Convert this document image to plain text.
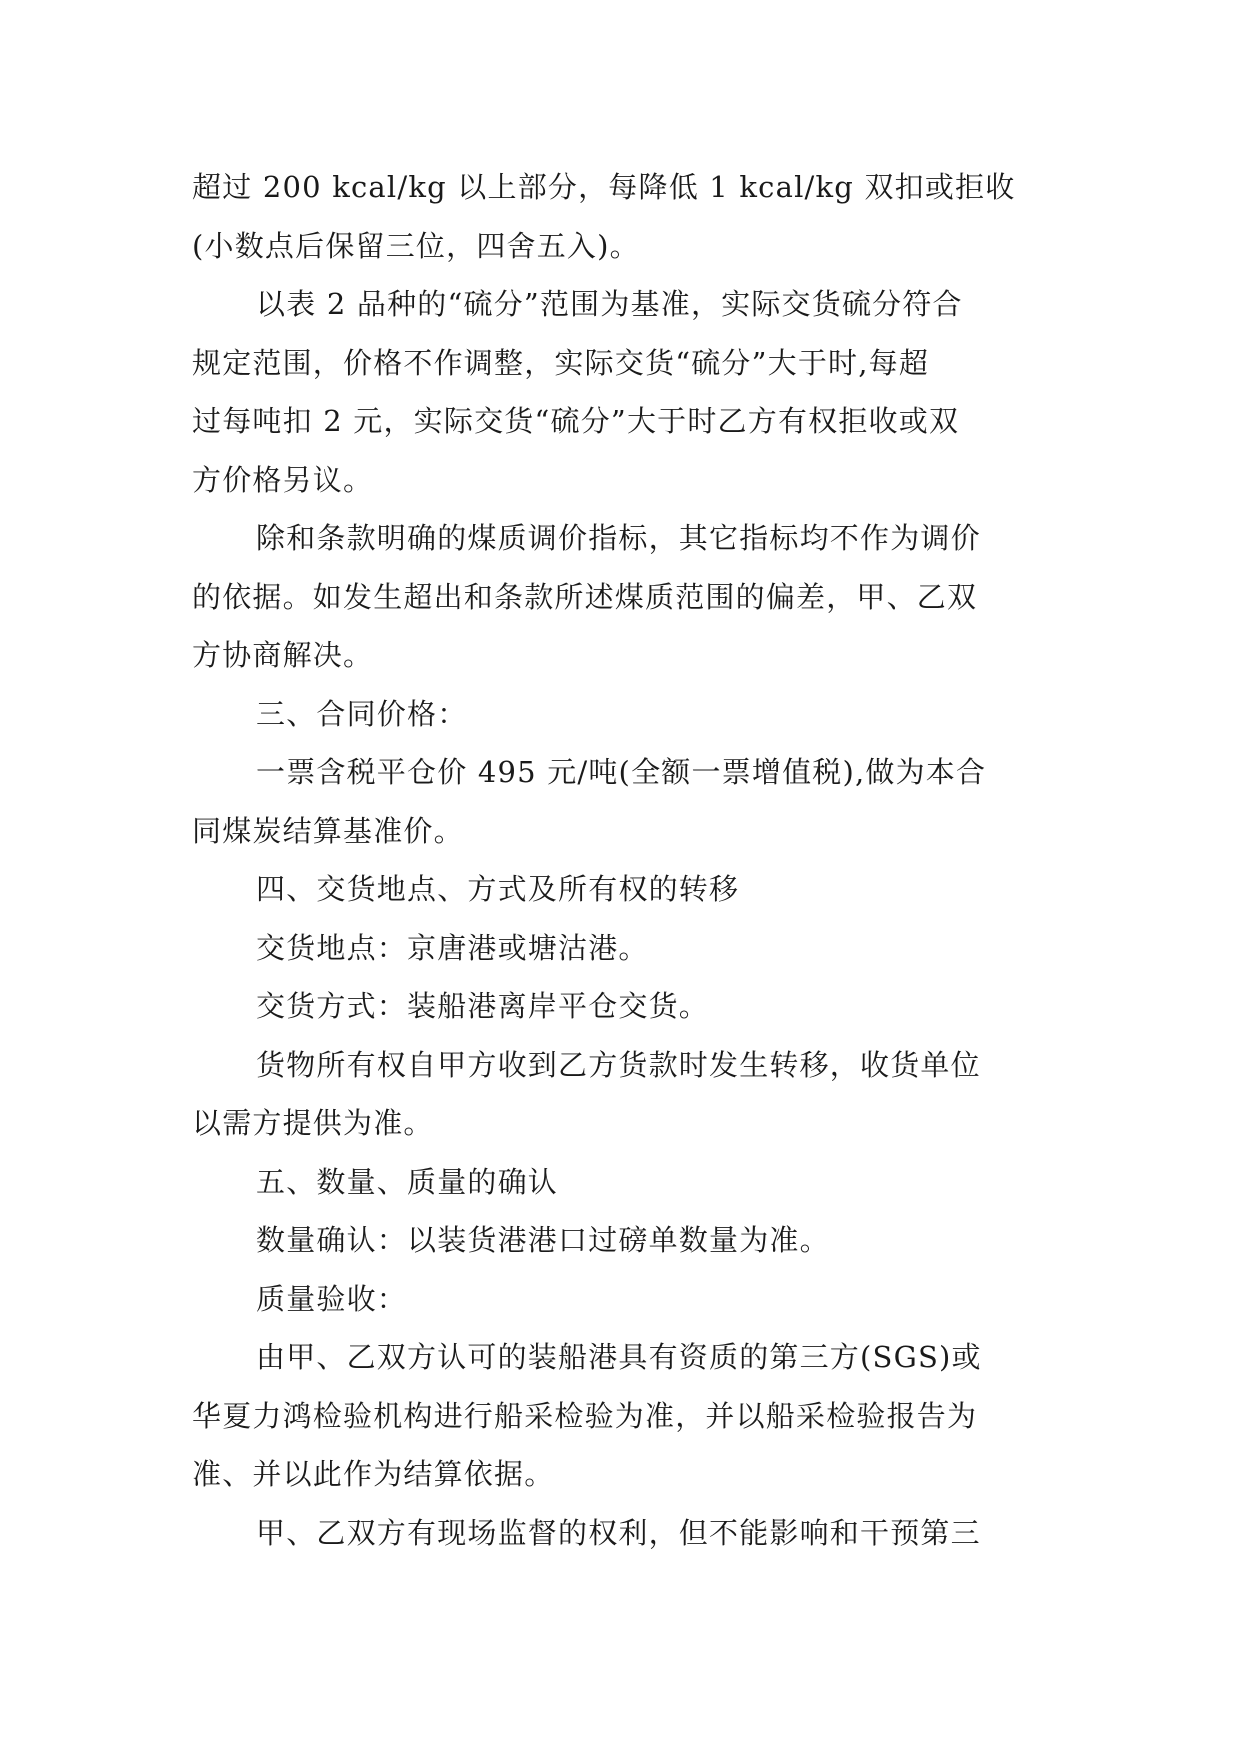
超过 200 kcal/kg 以上部分，每降低 1 kcal/kg 双扣或拒收
(小数点后保留三位，四舍五入)。
以表 2 品种的“硫分”范围为基准，实际交货硫分符合
规定范围，价格不作调整，实际交货“硫分”大于时,每超
过每吨扣 2 元，实际交货“硫分”大于时乙方有权拒收或双
方价格另议。
除和条款明确的煤质调价指标，其它指标均不作为调价
的依据。如发生超出和条款所述煤质范围的偏差，甲、乙双
方协商解决。
三、合同价格：
一票含税平仓价 495 元/吨(全额一票增值税),做为本合
同煤炭结算基准价。
四、交货地点、方式及所有权的转移
交货地点：京唐港或塘沽港。
交货方式：装船港离岸平仓交货。
货物所有权自甲方收到乙方货款时发生转移，收货单位
以需方提供为准。
五、数量、质量的确认
数量确认：以装货港港口过磅单数量为准。
质量验收：
由甲、乙双方认可的装船港具有资质的第三方(SGS)或
华夏力鸿检验机构进行船采检验为准，并以船采检验报告为
准、并以此作为结算依据。
甲、乙双方有现场监督的权利，但不能影响和干预第三
